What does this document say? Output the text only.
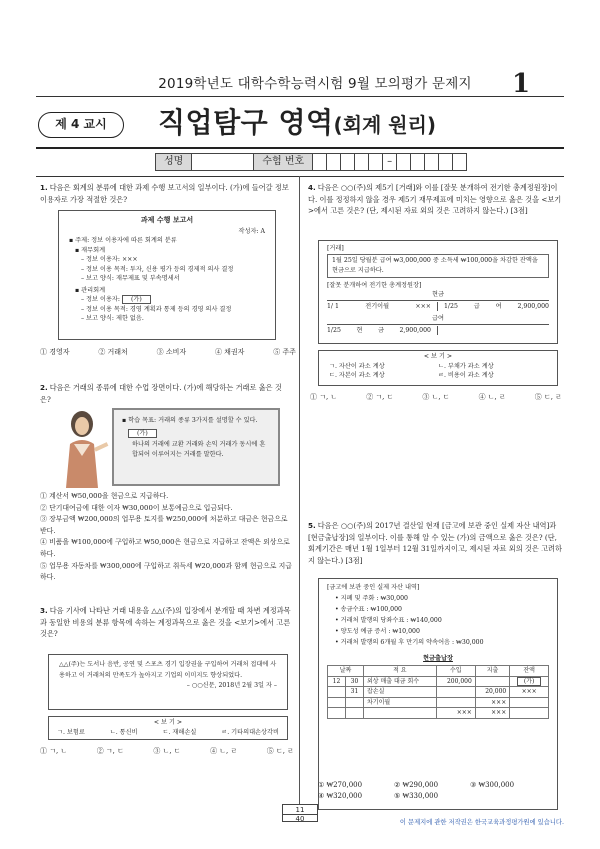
2019학년도 대학수학능력시험 9월 모의평가 문제지	1
제 4 교시	직업탐구 영역(회계 원리)
성명	수험 번호	–
1. 다음은 회계의 분류에 대한 과제 수행 보고서의 일부이다. (가)에 들어갈 정보 이용자로 가장 적절한 것은?
과제 수행 보고서
작성자: A
▪ 주제: 정보 이용자에 따른 회계의 분류
▪ 재무회계
– 정보 이용자: ×××
– 정보 이용 목적: 투자, 신용 평가 등의 경제적 의사 결정
– 보고 양식: 재무제표 및 부속명세서
▪ 관리회계
– 정보 이용자: (가)
– 정보 이용 목적: 경영 계획과 통제 등의 경영 의사 결정
– 보고 양식: 제한 없음.
① 경영자	② 거래처	③ 소비자	④ 채권자	⑤ 주주
2. 다음은 거래의 종류에 대한 수업 장면이다. (가)에 해당하는 거래로 옳은 것은?
▪ 학습 목표: 거래의 종류 3가지를 설명할 수 있다.
(가)
하나의 거래에 교환 거래와 손익 거래가 동시에 혼합되어 이루어지는 거래를 말한다.
① 계산서 ₩50,000을 현금으로 지급하다.
② 단기대여금에 대한 이자 ₩30,000이 보통예금으로 입금되다.
③ 장부금액 ₩200,000의 업무용 토지를 ₩250,000에 처분하고 대금은 현금으로 받다.
④ 비품을 ₩100,000에 구입하고 ₩50,000은 현금으로 지급하고 잔액은 외상으로 하다.
⑤ 업무용 자동차를 ₩300,000에 구입하고 취득세 ₩20,000과 함께 현금으로 지급하다.
3. 다음 기사에 나타난 거래 내용을 △△(주)의 입장에서 분개할 때 차변 계정과목과 동일한 비용의 분류 항목에 속하는 계정과목으로 옳은 것을 <보기>에서 고른 것은?
△△(주)는 도서나 음반, 공연 및 스포츠 경기 입장권을 구입하여 거래처 접대에 사용하고 이 거래처의 만족도가 높아지고 기업의 이미지도 향상되었다.
– ○○신문, 2018년 2월 3일 자 –
< 보 기 >
ㄱ. 보험료	ㄴ. 통신비	ㄷ. 재해손실	ㄹ. 기타의대손상각비
① ㄱ, ㄴ	② ㄱ, ㄷ	③ ㄴ, ㄷ	④ ㄴ, ㄹ	⑤ ㄷ, ㄹ
4. 다음은 ○○(주)의 제5기 [거래]와 이를 [잘못 분개하여 전기한 총계정원장]이다. 이를 정정하지 않을 경우 제5기 재무제표에 미치는 영향으로 옳은 것을 <보기>에서 고른 것은? (단, 제시된 자료 외의 것은 고려하지 않는다.) [3점]
[거래]
1월 25일 당월분 급여 ₩3,000,000 중 소득세 ₩100,000을 차감한 잔액을 현금으로 지급하다.
[잘못 분개하여 전기한 총계정원장]
현금
1/ 1	전기이월	××× 1/25	급	여	2,900,000
급여
1/25	현	금	2,900,000
< 보 기 >
ㄱ. 자산이 과소 계상	ㄴ. 부채가 과소 계상
ㄷ. 자본이 과소 계상	ㄹ. 비용이 과소 계상
① ㄱ, ㄴ	② ㄱ, ㄷ	③ ㄴ, ㄷ	④ ㄴ, ㄹ	⑤ ㄷ, ㄹ
5. 다음은 ○○(주)의 2017년 결산일 현재 [금고에 보관 중인 실제 자산 내역]과 [현금출납장]의 일부이다. 이를 통해 알 수 있는 (가)의 금액으로 옳은 것은? (단, 회계기간은 매년 1월 1일부터 12월 31일까지이고, 제시된 자료 외의 것은 고려하지 않는다.) [3점]
[금고에 보관 중인 실제 자산 내역]
• 지폐 및 주화 : ₩30,000
• 송금수표 : ₩100,000
• 거래처 발행의 당좌수표 : ₩140,000
• 양도성 예금 증서 : ₩10,000
• 거래처 발행의 6개월 후 만기의 약속어음 : ₩30,000
현금출납장
날짜		적 요	수입	지출	잔액
12	30	외상 매출 대금 회수	200,000		(가)
	31	잡손실		20,000	×××
		차기이월		×××	
			×××	×××	
① ₩270,000	② ₩290,000	③ ₩300,000
④ ₩320,000	⑤ ₩330,000
11
40	이 문제지에 관한 저작권은 한국교육과정평가원에 있습니다.
